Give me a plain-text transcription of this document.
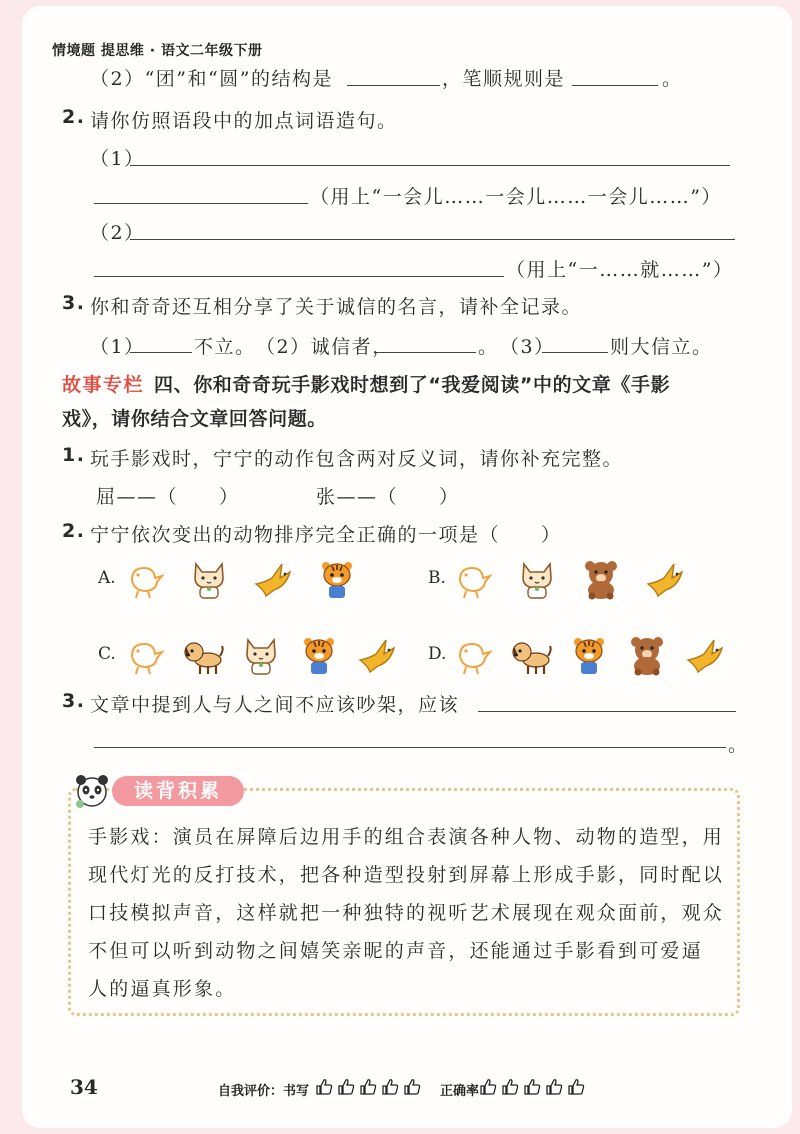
情境题 提思维 · 语文二年级下册
（2）“团”和“圆”的结构是	，笔顺规则是	。
2. 请你仿照语段中的加点词语造句。
（1）
（用上“一会儿……一会儿……一会儿……”）
（2）
（用上“一……就……”）
3. 你和奇奇还互相分享了关于诚信的名言，请补全记录。
（1）	不立。 （2）诚信者，	。 （3）	则大信立。
故事专栏 四、你和奇奇玩手影戏时想到了“我爱阅读”中的文章《手影
戏》，请你结合文章回答问题。
1. 玩手影戏时，宁宁的动作包含两对反义词，请你补充完整。
屈——（　　）	张——（　　）
2. 宁宁依次变出的动物排序完全正确的一项是（　　）
A.	B.
C.	D.
3. 文章中提到人与人之间不应该吵架，应该
。
读背积累
手影戏：演员在屏障后边用手的组合表演各种人物、动物的造型，用
现代灯光的反打技术，把各种造型投射到屏幕上形成手影，同时配以
口技模拟声音，这样就把一种独特的视听艺术展现在观众面前，观众
不但可以听到动物之间嬉笑亲昵的声音，还能通过手影看到可爱逼
人的逼真形象。
34	自我评价：书写	正确率
